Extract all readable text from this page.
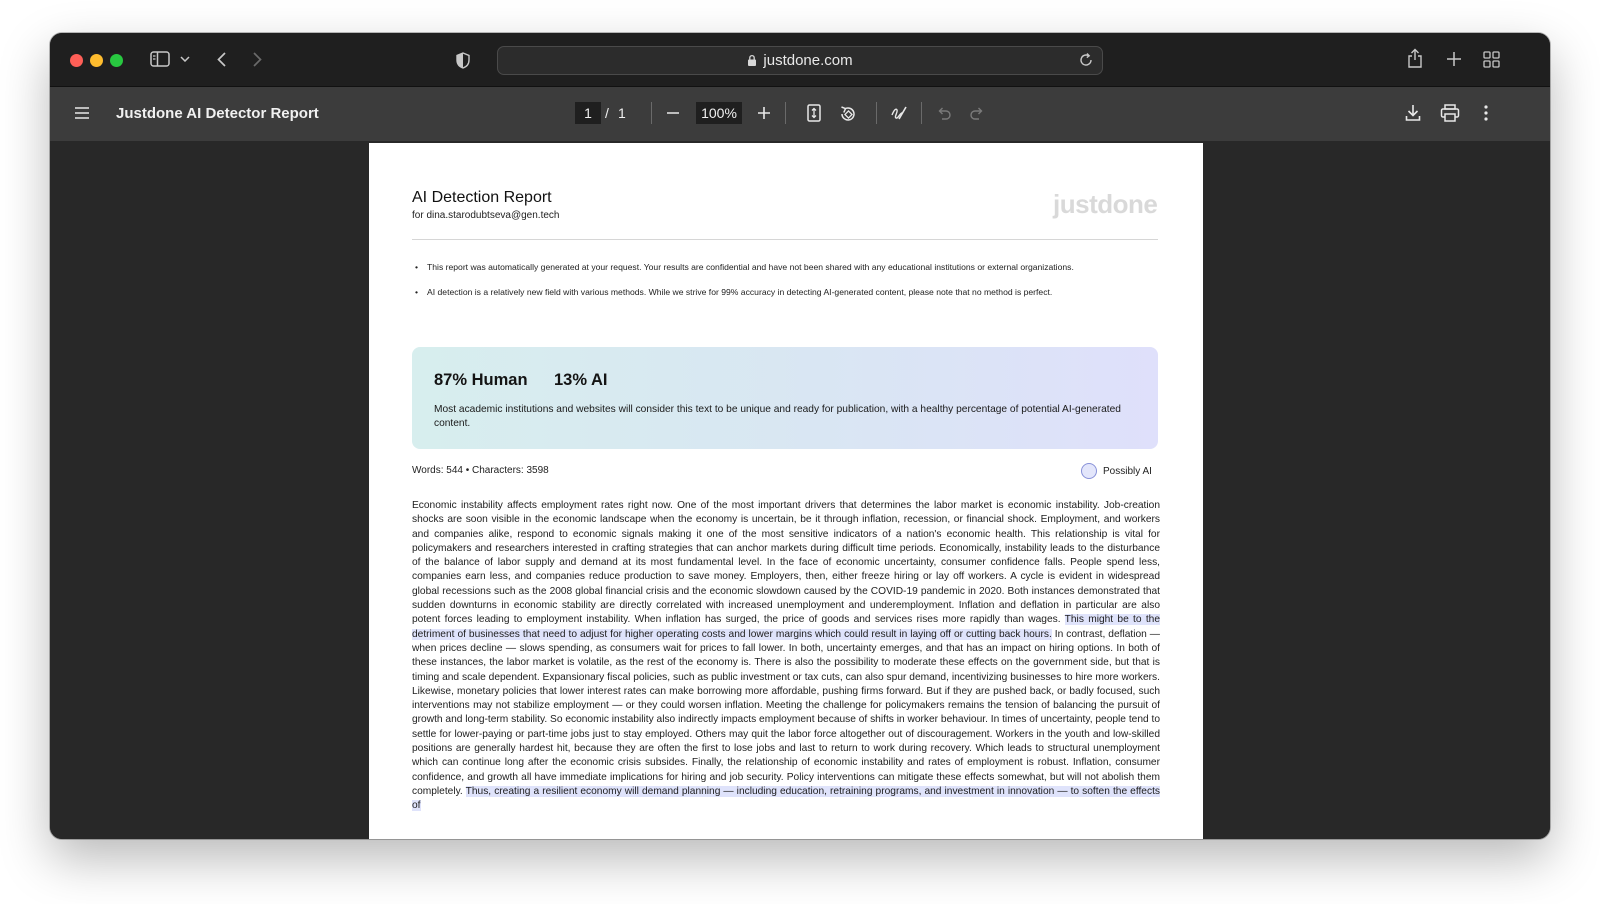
justdone.com
Justdone AI Detector Report	1 / 1	100%
AI Detection Report
for dina.starodubtseva@gen.tech	justdone
• This report was automatically generated at your request. Your results are confidential and have not been shared with any educational institutions or external organizations.
• AI detection is a relatively new field with various methods. While we strive for 99% accuracy in detecting AI-generated content, please note that no method is perfect.
87% Human 13% AI
Most academic institutions and websites will consider this text to be unique and ready for publication, with a healthy percentage of potential AI-generated content.
Words: 544 • Characters: 3598	Possibly AI
Economic instability affects employment rates right now. One of the most important drivers that determines the labor market is economic instability. Job-creation shocks are soon visible in the economic landscape when the economy is uncertain, be it through inflation, recession, or financial shock. Employment, and workers and companies alike, respond to economic signals making it one of the most sensitive indicators of a nation's economic health. This relationship is vital for policymakers and researchers interested in crafting strategies that can anchor markets during difficult time periods. Economically, instability leads to the disturbance of the balance of labor supply and demand at its most fundamental level. In the face of economic uncertainty, consumer confidence falls. People spend less, companies earn less, and companies reduce production to save money. Employers, then, either freeze hiring or lay off workers. A cycle is evident in widespread global recessions such as the 2008 global financial crisis and the economic slowdown caused by the COVID-19 pandemic in 2020. Both instances demonstrated that sudden downturns in economic stability are directly correlated with increased unemployment and underemployment. Inflation and deflation in particular are also potent forces leading to employment instability. When inflation has surged, the price of goods and services rises more rapidly than wages. This might be to the detriment of businesses that need to adjust for higher operating costs and lower margins which could result in laying off or cutting back hours. In contrast, deflation — when prices decline — slows spending, as consumers wait for prices to fall lower. In both, uncertainty emerges, and that has an impact on hiring options. In both of these instances, the labor market is volatile, as the rest of the economy is. There is also the possibility to moderate these effects on the government side, but that is timing and scale dependent. Expansionary fiscal policies, such as public investment or tax cuts, can also spur demand, incentivizing businesses to hire more workers. Likewise, monetary policies that lower interest rates can make borrowing more affordable, pushing firms forward. But if they are pushed back, or badly focused, such interventions may not stabilize employment — or they could worsen inflation. Meeting the challenge for policymakers remains the tension of balancing the pursuit of growth and long-term stability. So economic instability also indirectly impacts employment because of shifts in worker behaviour. In times of uncertainty, people tend to settle for lower-paying or part-time jobs just to stay employed. Others may quit the labor force altogether out of discouragement. Workers in the youth and low-skilled positions are generally hardest hit, because they are often the first to lose jobs and last to return to work during recovery. Which leads to structural unemployment which can continue long after the economic crisis subsides. Finally, the relationship of economic instability and rates of employment is robust. Inflation, consumer confidence, and growth all have immediate implications for hiring and job security. Policy interventions can mitigate these effects somewhat, but will not abolish them completely. Thus, creating a resilient economy will demand planning — including education, retraining programs, and investment in innovation — to soften the effects of
